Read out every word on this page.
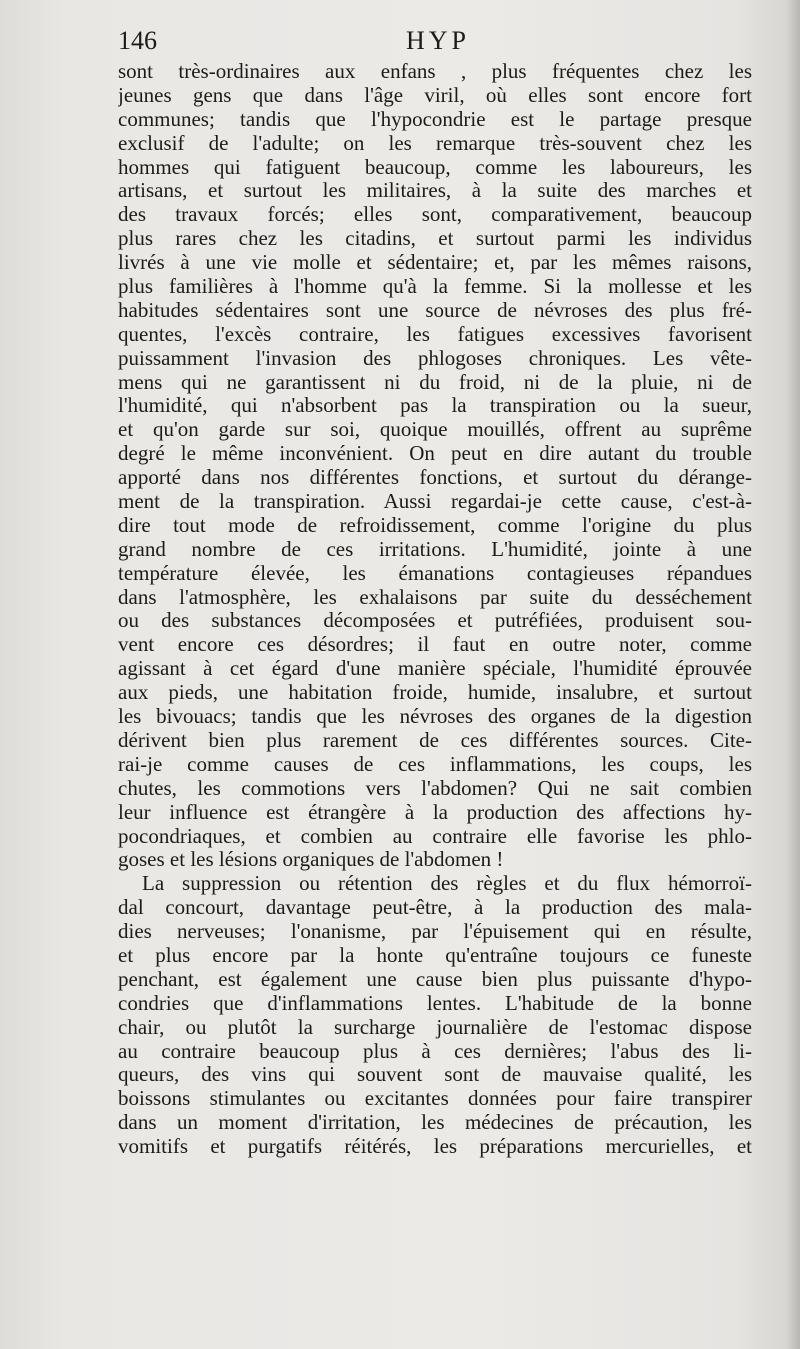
146	HYP
sont très-ordinaires aux enfans , plus fréquentes chez les
jeunes gens que dans l'âge viril, où elles sont encore fort
communes; tandis que l'hypocondrie est le partage presque
exclusif de l'adulte; on les remarque très-souvent chez les
hommes qui fatiguent beaucoup, comme les laboureurs, les
artisans, et surtout les militaires, à la suite des marches et
des travaux forcés; elles sont, comparativement, beaucoup
plus rares chez les citadins, et surtout parmi les individus
livrés à une vie molle et sédentaire; et, par les mêmes raisons,
plus familières à l'homme qu'à la femme. Si la mollesse et les
habitudes sédentaires sont une source de névroses des plus fré-
quentes, l'excès contraire, les fatigues excessives favorisent
puissamment l'invasion des phlogoses chroniques. Les vête-
mens qui ne garantissent ni du froid, ni de la pluie, ni de
l'humidité, qui n'absorbent pas la transpiration ou la sueur,
et qu'on garde sur soi, quoique mouillés, offrent au suprême
degré le même inconvénient. On peut en dire autant du trouble
apporté dans nos différentes fonctions, et surtout du dérange-
ment de la transpiration. Aussi regardai-je cette cause, c'est-à-
dire tout mode de refroidissement, comme l'origine du plus
grand nombre de ces irritations. L'humidité, jointe à une
température élevée, les émanations contagieuses répandues
dans l'atmosphère, les exhalaisons par suite du desséchement
ou des substances décomposées et putréfiées, produisent sou-
vent encore ces désordres; il faut en outre noter, comme
agissant à cet égard d'une manière spéciale, l'humidité éprouvée
aux pieds, une habitation froide, humide, insalubre, et surtout
les bivouacs; tandis que les névroses des organes de la digestion
dérivent bien plus rarement de ces différentes sources. Cite-
rai-je comme causes de ces inflammations, les coups, les
chutes, les commotions vers l'abdomen? Qui ne sait combien
leur influence est étrangère à la production des affections hy-
pocondriaques, et combien au contraire elle favorise les phlo-
goses et les lésions organiques de l'abdomen !
La suppression ou rétention des règles et du flux hémorroï-
dal concourt, davantage peut-être, à la production des mala-
dies nerveuses; l'onanisme, par l'épuisement qui en résulte,
et plus encore par la honte qu'entraîne toujours ce funeste
penchant, est également une cause bien plus puissante d'hypo-
condries que d'inflammations lentes. L'habitude de la bonne
chair, ou plutôt la surcharge journalière de l'estomac dispose
au contraire beaucoup plus à ces dernières; l'abus des li-
queurs, des vins qui souvent sont de mauvaise qualité, les
boissons stimulantes ou excitantes données pour faire transpirer
dans un moment d'irritation, les médecines de précaution, les
vomitifs et purgatifs réitérés, les préparations mercurielles, et
